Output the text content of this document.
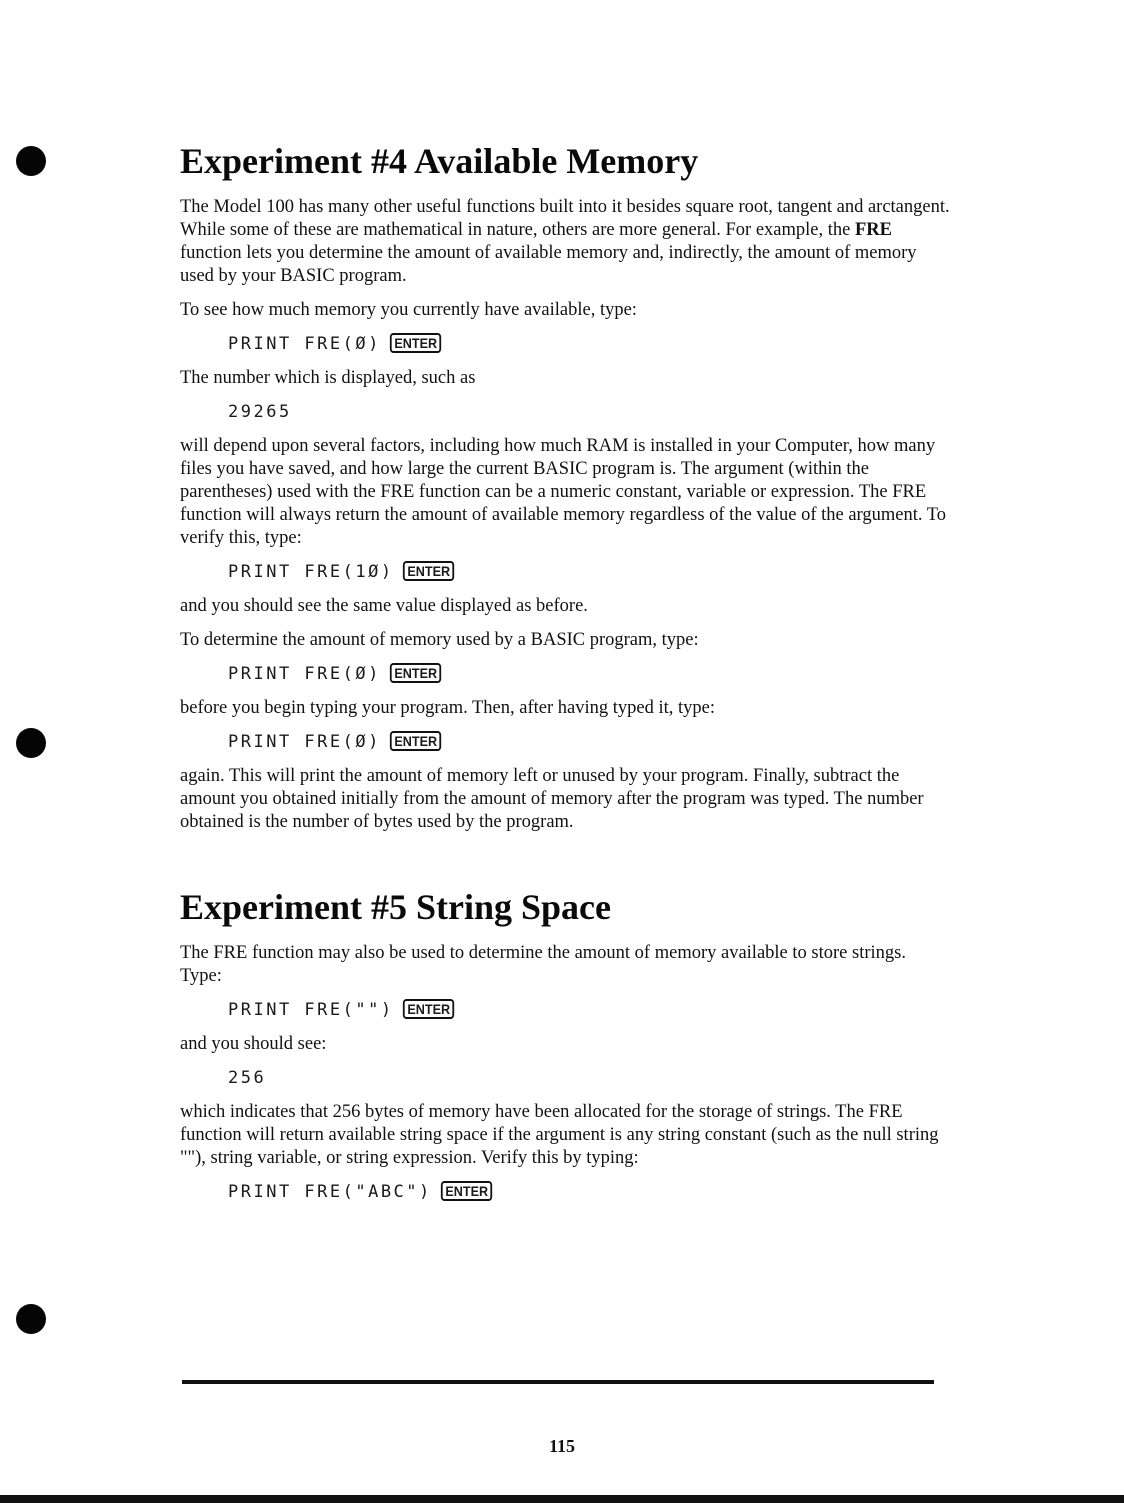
Experiment #4 Available Memory

The Model 100 has many other useful functions built into it besides square root, tangent and arctangent. While some of these are mathematical in nature, others are more general. For example, the FRE function lets you determine the amount of available memory and, indirectly, the amount of memory used by your BASIC program.

To see how much memory you currently have available, type:

PRINT FRE(Ø) ENTER

The number which is displayed, such as

29265

will depend upon several factors, including how much RAM is installed in your Computer, how many files you have saved, and how large the current BASIC program is. The argument (within the parentheses) used with the FRE function can be a numeric constant, variable or expression. The FRE function will always return the amount of available memory regardless of the value of the argument. To verify this, type:

PRINT FRE(1Ø) ENTER

and you should see the same value displayed as before.

To determine the amount of memory used by a BASIC program, type:

PRINT FRE(Ø) ENTER

before you begin typing your program. Then, after having typed it, type:

PRINT FRE(Ø) ENTER

again. This will print the amount of memory left or unused by your program. Finally, subtract the amount you obtained initially from the amount of memory after the program was typed. The number obtained is the number of bytes used by the program.

Experiment #5 String Space

The FRE function may also be used to determine the amount of memory available to store strings. Type:

PRINT FRE("") ENTER

and you should see:

256

which indicates that 256 bytes of memory have been allocated for the storage of strings. The FRE function will return available string space if the argument is any string constant (such as the null string ""), string variable, or string expression. Verify this by typing:

PRINT FRE("ABC") ENTER
115
